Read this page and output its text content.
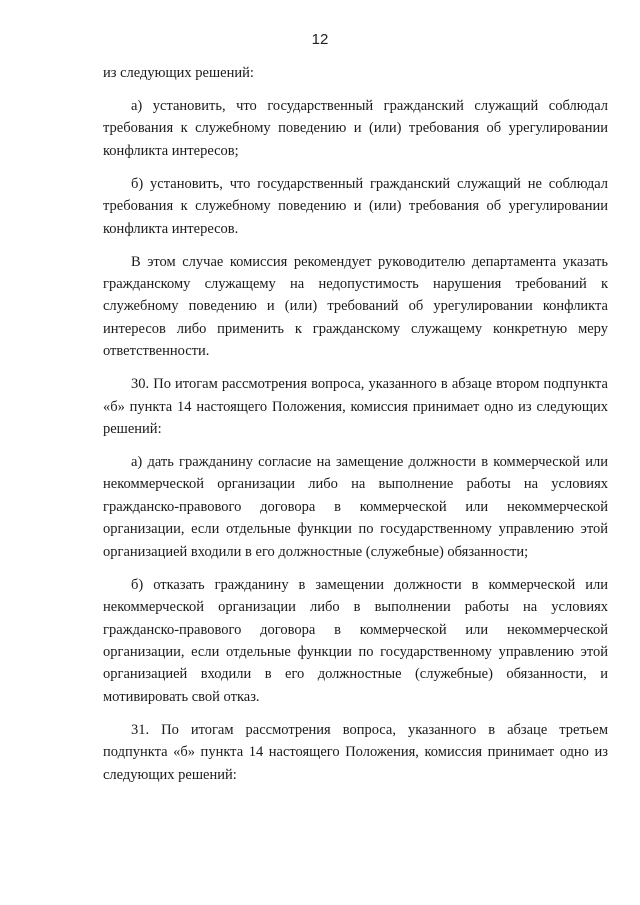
12

из следующих решений:

а) установить, что государственный гражданский служащий соблюдал требования к служебному поведению и (или) требования об урегулировании конфликта интересов;

б) установить, что государственный гражданский служащий не соблюдал требования к служебному поведению и (или) требования об урегулировании конфликта интересов.

В этом случае комиссия рекомендует руководителю департамента указать гражданскому служащему на недопустимость нарушения требований к служебному поведению и (или) требований об урегулировании конфликта интересов либо применить к гражданскому служащему конкретную меру ответственности.

30. По итогам рассмотрения вопроса, указанного в абзаце втором подпункта «б» пункта 14 настоящего Положения, комиссия принимает одно из следующих решений:

а) дать гражданину согласие на замещение должности в коммерческой или некоммерческой организации либо на выполнение работы на условиях гражданско-правового договора в коммерческой или некоммерческой организации, если отдельные функции по государственному управлению этой организацией входили в его должностные (служебные) обязанности;

б) отказать гражданину в замещении должности в коммерческой или некоммерческой организации либо в выполнении работы на условиях гражданско-правового договора в коммерческой или некоммерческой организации, если отдельные функции по государственному управлению этой организацией входили в его должностные (служебные) обязанности, и мотивировать свой отказ.

31. По итогам рассмотрения вопроса, указанного в абзаце третьем подпункта «б» пункта 14 настоящего Положения, комиссия принимает одно из следующих решений:
